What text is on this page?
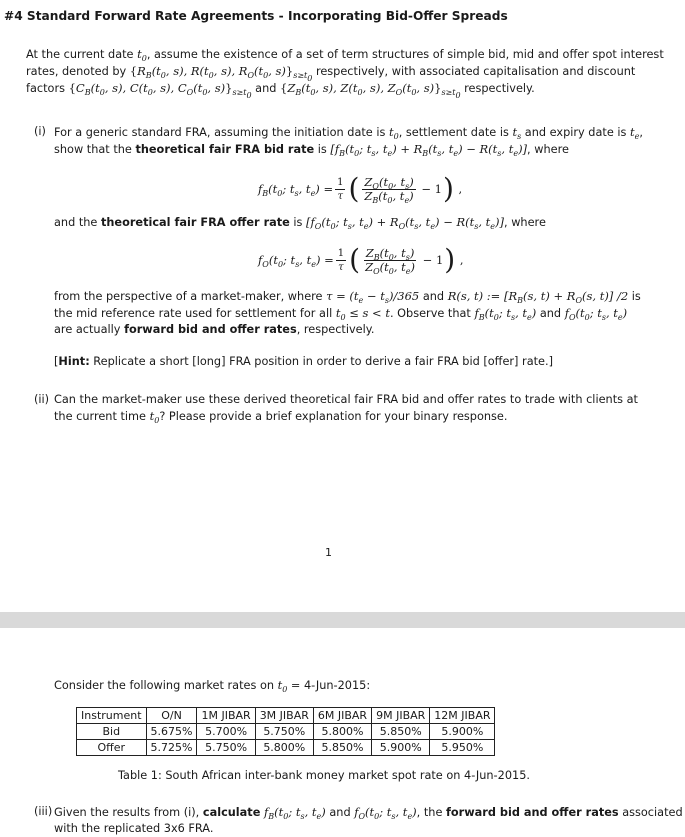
#4 Standard Forward Rate Agreements - Incorporating Bid-Offer Spreads
At the current date $t_0$, assume the existence of a set of term structures of simple bid, mid and offer spot interest
rates, denoted by {$R_B(t_0$, s), $R(t_0$, s), $R_O(t_0$, $s)\}_{s\ge t_0}$ respectively, with associated capitalisation and discount
factors {$C_B(t_0$, s), $C(t_0$, s), $C_O(t_0$, $s)\}_{s\ge t_0}$ and {$Z_B(t_0$, s), $Z(t_0$, s), $Z_O(t_0$, $s)\}_{s\ge t_0}$ respectively.
(i) For a generic standard FRA, assuming the initiation date is $t_0$, settlement date is $t_s$ and expiry date is $t_e$,
show that the theoretical fair FRA bid rate is [$f_B(t_0$; $t_s$, $t_e) + R_B(t_s$, $t_e) - R(t_s$, $t_e$)], where
$f_B(t_0$; $t_s$, $t_e) = \frac{1}{\tau}$ ( $\frac{Z_O(t_0, t_s)}{Z_B(t_0, t_e)} - 1$ ) ,
and the theoretical fair FRA offer rate is [$f_O(t_0$; $t_s$, $t_e) + R_O(t_s$, $t_e) - R(t_s$, $t_e$)], where
$f_O(t_0$; $t_s$, $t_e) = \frac{1}{\tau}$ ( $\frac{Z_B(t_0, t_s)}{Z_O(t_0, t_e)} - 1$ ) ,
from the perspective of a market-maker, where $\tau = (t_e - t_s)/365$ and R(s, t) := [$R_B(s$, $t) + R_O(s$, t)] /2 is
the mid reference rate used for settlement for all $t_0 \le s < t$. Observe that $f_B(t_0$; $t_s$, $t_e$) and $f_O(t_0$; $t_s$, $t_e$)
are actually forward bid and offer rates, respectively.
[Hint: Replicate a short [long] FRA position in order to derive a fair FRA bid [offer] rate.]
(ii) Can the market-maker use these derived theoretical fair FRA bid and offer rates to trade with clients at
the current time $t_0$? Please provide a brief explanation for your binary response.
1
Consider the following market rates on $t_0 = 4-Jun-2015$:
Instrument	O/N	1M JIBAR	3M JIBAR	6M JIBAR	9M JIBAR	12M JIBAR
Bid	5.675%	5.700%	5.750%	5.800%	5.850%	5.900%
Offer	5.725%	5.750%	5.800%	5.850%	5.900%	5.950%
Table 1: South African inter-bank money market spot rate on 4-Jun-2015.
(iii) Given the results from (i), calculate $f_B(t_0$; $t_s$, $t_e$) and $f_O(t_0$; $t_s$, $t_e$), the forward bid and offer rates associated
with the replicated 3x6 FRA.
